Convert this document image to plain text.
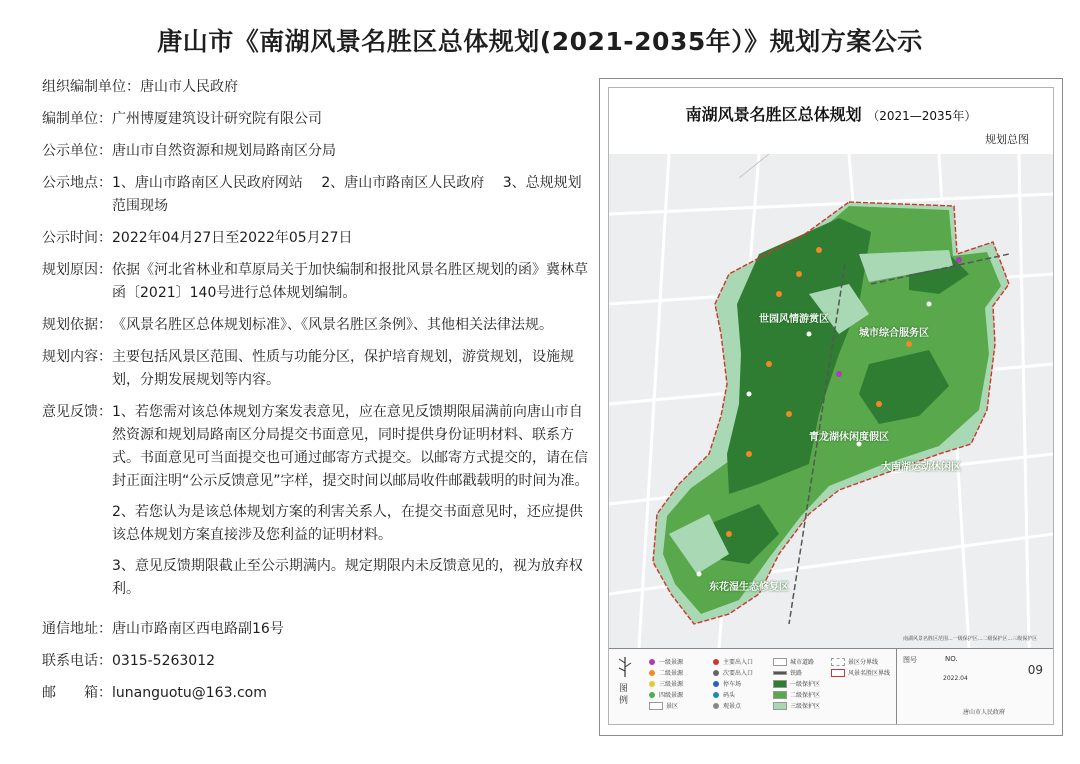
唐山市《南湖风景名胜区总体规划(2021-2035年）》规划方案公示
组织编制单位： 唐山市人民政府
编制单位： 广州博厦建筑设计研究院有限公司
公示单位： 唐山市自然资源和规划局路南区分局
公示地点： 1、唐山市路南区人民政府网站　 2、唐山市路南区人民政府　 3、总规规划范围现场
公示时间： 2022年04月27日至2022年05月27日
规划原因： 依据《河北省林业和草原局关于加快编制和报批风景名胜区规划的函》冀林草函〔2021〕140号进行总体规划编制。
规划依据： 《风景名胜区总体规划标准》、《风景名胜区条例》、其他相关法律法规。
规划内容： 主要包括风景区范围、性质与功能分区，保护培育规划，游赏规划，设施规划，分期发展规划等内容。
意见反馈： 1、若您需对该总体规划方案发表意见，应在意见反馈期限届满前向唐山市自然资源和规划局路南区分局提交书面意见，同时提供身份证明材料、联系方式。书面意见可当面提交也可通过邮寄方式提交。以邮寄方式提交的，请在信封正面注明“公示反馈意见”字样，提交时间以邮局收件邮戳载明的时间为准。
2、若您认为是该总体规划方案的利害关系人，在提交书面意见时，还应提供该总体规划方案直接涉及您利益的证明材料。
3、意见反馈期限截止至公示期满内。规定期限内未反馈意见的，视为放弃权利。
通信地址： 唐山市路南区西电路副16号
联系电话： 0315-5263012
邮　　箱： lunanguotu@163.com
南湖风景名胜区总体规划 （2021—2035年）
规划总图
世园风情游赏区
城市综合服务区
青龙湖休闲度假区
大南湖运动休闲区
东花湿生态修复区
南湖风景名胜区范围...一级保护区...二级保护区...三级保护区
图例
一级景源
二级景源
三级景源
四级景源
景区
主要出入口
次要出入口
停车场
码头
观景点
城市道路
铁路
一级保护区
二级保护区
三级保护区
景区分界线
风景名胜区界线
图号	NO.
09
2022.04
唐山市人民政府
